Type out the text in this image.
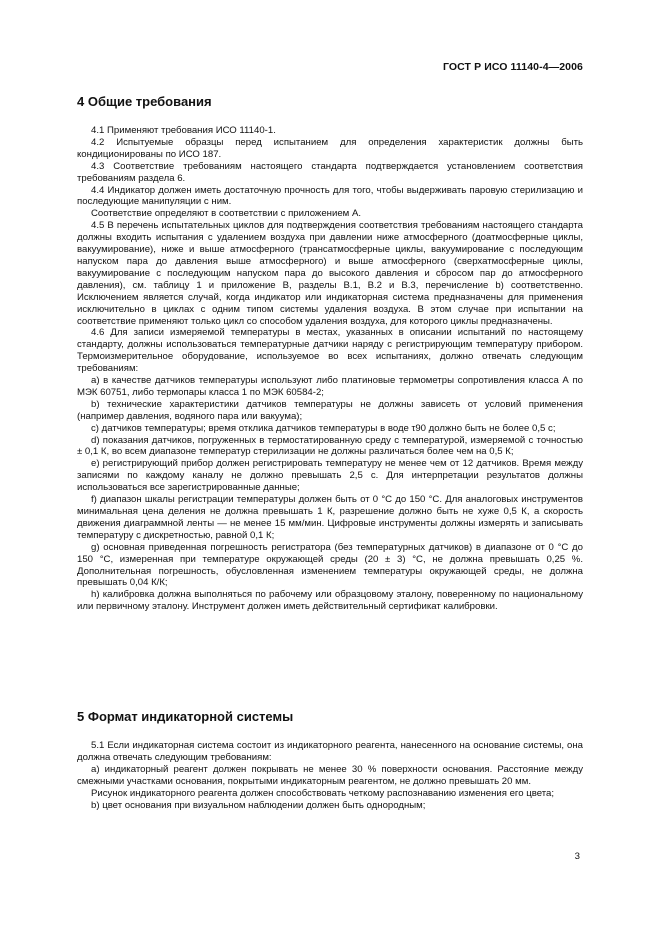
ГОСТ Р ИСО 11140-4—2006
4 Общие требования

4.1 Применяют требования ИСО 11140-1.

4.2 Испытуемые образцы перед испытанием для определения характеристик должны быть кондиционированы по ИСО 187.

4.3 Соответствие требованиям настоящего стандарта подтверждается установлением соответствия требованиям раздела 6.

4.4 Индикатор должен иметь достаточную прочность для того, чтобы выдерживать паровую стерилизацию и последующие манипуляции с ним.

Соответствие определяют в соответствии с приложением А.

4.5 В перечень испытательных циклов для подтверждения соответствия требованиям настоящего стандарта должны входить испытания с удалением воздуха при давлении ниже атмосферного (доатмосферные циклы, вакуумирование), ниже и выше атмосферного (трансатмосферные циклы, вакуумирование с последующим напуском пара до давления выше атмосферного) и выше атмосферного (сверхатмосферные циклы, вакуумирование с последующим напуском пара до высокого давления и сбросом пар до атмосферного давления), см. таблицу 1 и приложение В, разделы В.1, В.2 и В.3, перечисление b) соответственно. Исключением является случай, когда индикатор или индикаторная система предназначены для применения исключительно в циклах с одним типом системы удаления воздуха. В этом случае при испытании на соответствие применяют только цикл со способом удаления воздуха, для которого циклы предназначены.

4.6 Для записи измеряемой температуры в местах, указанных в описании испытаний по настоящему стандарту, должны использоваться температурные датчики наряду с регистрирующим температуру прибором. Термоизмерительное оборудование, используемое во всех испытаниях, должно отвечать следующим требованиям:

a) в качестве датчиков температуры используют либо платиновые термометры сопротивления класса А по МЭК 60751, либо термопары класса 1 по МЭК 60584-2;

b) технические характеристики датчиков температуры не должны зависеть от условий применения (например давления, водяного пара или вакуума);

c) датчиков температуры; время отклика датчиков температуры в воде τ90 должно быть не более 0,5 с;

d) показания датчиков, погруженных в термостатированную среду с температурой, измеряемой с точностью ± 0,1 К, во всем диапазоне температур стерилизации не должны различаться более чем на 0,5 К;

e) регистрирующий прибор должен регистрировать температуру не менее чем от 12 датчиков. Время между записями по каждому каналу не должно превышать 2,5 с. Для интерпретации результатов должны использоваться все зарегистрированные данные;

f) диапазон шкалы регистрации температуры должен быть от 0 °С до 150 °С. Для аналоговых инструментов минимальная цена деления не должна превышать 1 К, разрешение должно быть не хуже 0,5 К, а скорость движения диаграммной ленты — не менее 15 мм/мин. Цифровые инструменты должны измерять и записывать температуру с дискретностью, равной 0,1 К;

g) основная приведенная погрешность регистратора (без температурных датчиков) в диапазоне от 0 °С до 150 °С, измеренная при температуре окружающей среды (20 ± 3) °С, не должна превышать 0,25 %. Дополнительная погрешность, обусловленная изменением температуры окружающей среды, не должна превышать 0,04 К/К;

h) калибровка должна выполняться по рабочему или образцовому эталону, поверенному по национальному или первичному эталону. Инструмент должен иметь действительный сертификат калибровки.

5 Формат индикаторной системы

5.1 Если индикаторная система состоит из индикаторного реагента, нанесенного на основание системы, она должна отвечать следующим требованиям:

a) индикаторный реагент должен покрывать не менее 30 % поверхности основания. Расстояние между смежными участками основания, покрытыми индикаторным реагентом, не должно превышать 20 мм.

Рисунок индикаторного реагента должен способствовать четкому распознаванию изменения его цвета;

b) цвет основания при визуальном наблюдении должен быть однородным;

3
